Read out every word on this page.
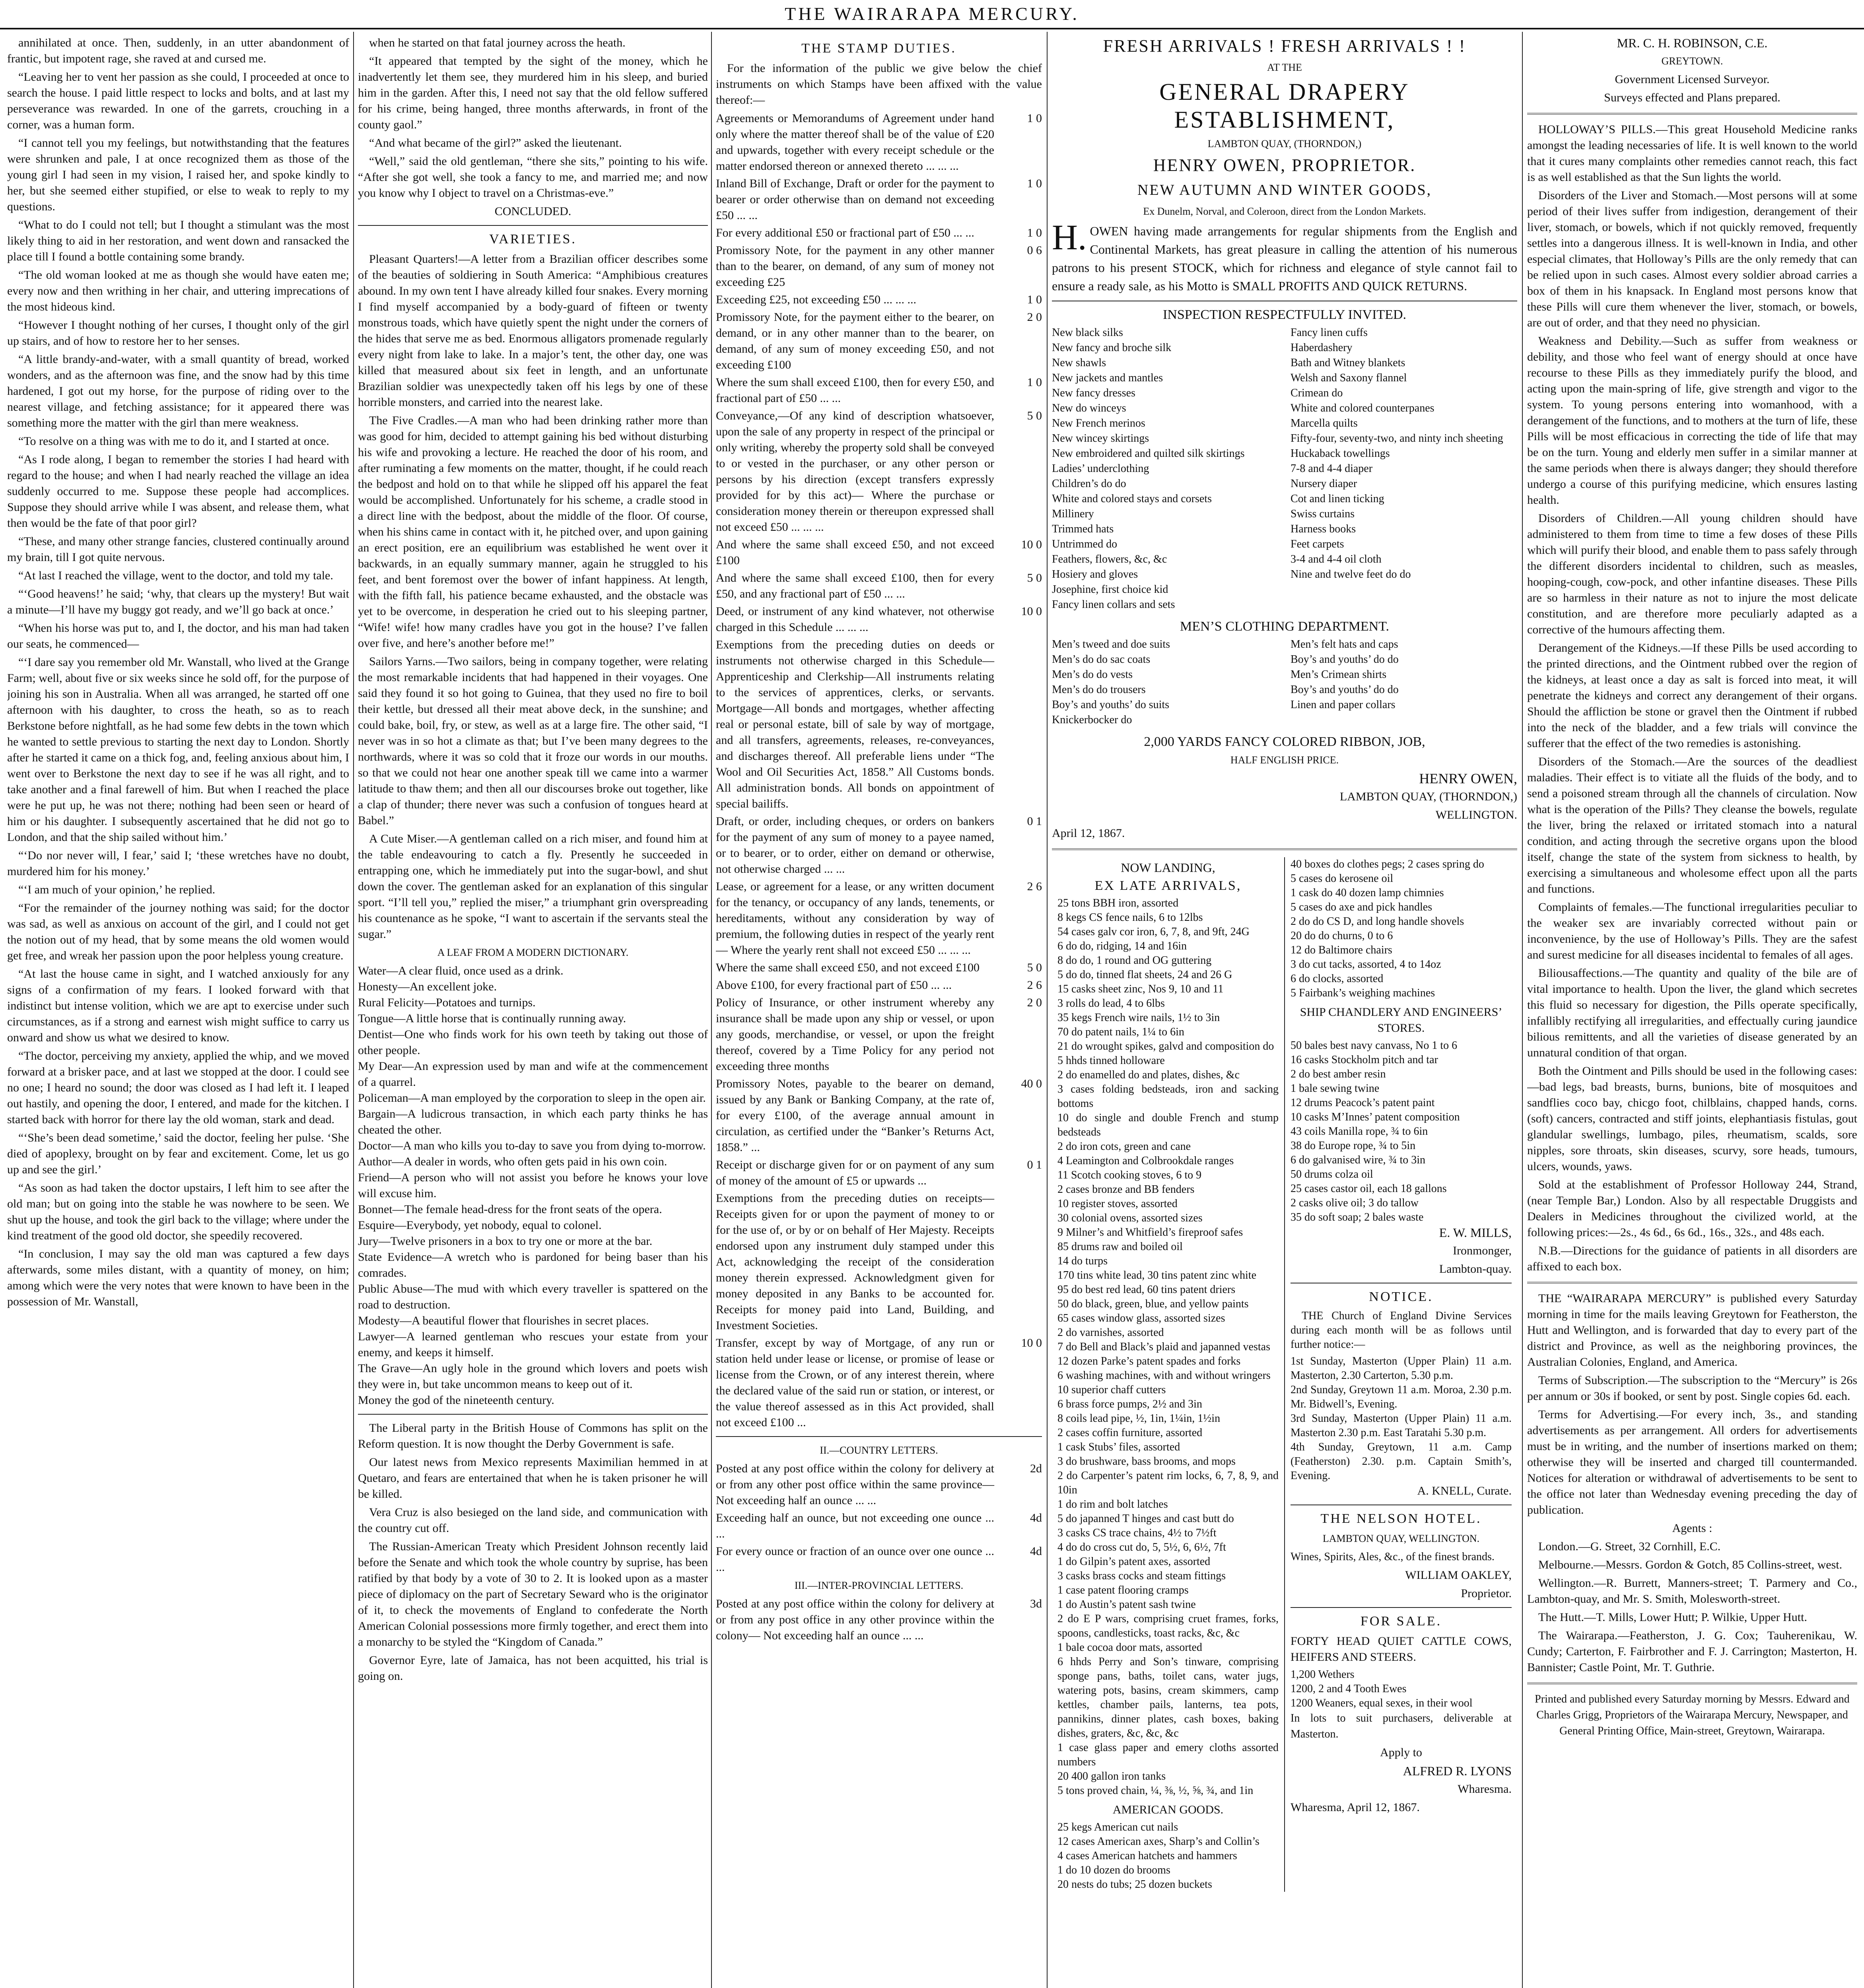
THE WAIRARAPA MERCURY.

annihilated at once. Then, suddenly, in an utter abandonment of frantic, but impotent rage, she raved at and cursed me.

“Leaving her to vent her passion as she could, I proceeded at once to search the house. I paid little respect to locks and bolts, and at last my perseverance was rewarded. In one of the garrets, crouching in a corner, was a human form.

“I cannot tell you my feelings, but notwithstanding that the features were shrunken and pale, I at once recognized them as those of the young girl I had seen in my vision, I raised her, and spoke kindly to her, but she seemed either stupified, or else to weak to reply to my questions.

“What to do I could not tell; but I thought a stimulant was the most likely thing to aid in her restoration, and went down and ransacked the place till I found a bottle containing some brandy.

“The old woman looked at me as though she would have eaten me; every now and then writhing in her chair, and uttering imprecations of the most hideous kind.

“However I thought nothing of her curses, I thought only of the girl up stairs, and of how to restore her to her senses.

“A little brandy-and-water, with a small quantity of bread, worked wonders, and as the afternoon was fine, and the snow had by this time hardened, I got out my horse, for the purpose of riding over to the nearest village, and fetching assistance; for it appeared there was something more the matter with the girl than mere weakness.

“To resolve on a thing was with me to do it, and I started at once.

“As I rode along, I began to remember the stories I had heard with regard to the house; and when I had nearly reached the village an idea suddenly occurred to me. Suppose these people had accomplices. Suppose they should arrive while I was absent, and release them, what then would be the fate of that poor girl?

“These, and many other strange fancies, clustered continually around my brain, till I got quite nervous.

“At last I reached the village, went to the doctor, and told my tale.

“‘Good heavens!’ he said; ‘why, that clears up the mystery! But wait a minute—I’ll have my buggy got ready, and we’ll go back at once.’

“When his horse was put to, and I, the doctor, and his man had taken our seats, he commenced—

“‘I dare say you remember old Mr. Wanstall, who lived at the Grange Farm; well, about five or six weeks since he sold off, for the purpose of joining his son in Australia. When all was arranged, he started off one afternoon with his daughter, to cross the heath, so as to reach Berkstone before nightfall, as he had some few debts in the town which he wanted to settle previous to starting the next day to London. Shortly after he started it came on a thick fog, and, feeling anxious about him, I went over to Berkstone the next day to see if he was all right, and to take another and a final farewell of him. But when I reached the place were he put up, he was not there; nothing had been seen or heard of him or his daughter. I subsequently ascertained that he did not go to London, and that the ship sailed without him.’

“‘Do nor never will, I fear,’ said I; ‘these wretches have no doubt, murdered him for his money.’

“‘I am much of your opinion,’ he replied.

“For the remainder of the journey nothing was said; for the doctor was sad, as well as anxious on account of the girl, and I could not get the notion out of my head, that by some means the old women would get free, and wreak her passion upon the poor helpless young creature.

“At last the house came in sight, and I watched anxiously for any signs of a confirmation of my fears. I looked forward with that indistinct but intense volition, which we are apt to exercise under such circumstances, as if a strong and earnest wish might suffice to carry us onward and show us what we desired to know.

“The doctor, perceiving my anxiety, applied the whip, and we moved forward at a brisker pace, and at last we stopped at the door. I could see no one; I heard no sound; the door was closed as I had left it. I leaped out hastily, and opening the door, I entered, and made for the kitchen. I started back with horror for there lay the old woman, stark and dead.

“‘She’s been dead sometime,’ said the doctor, feeling her pulse. ‘She died of apoplexy, brought on by fear and excitement. Come, let us go up and see the girl.’

“As soon as had taken the doctor upstairs, I left him to see after the old man; but on going into the stable he was nowhere to be seen. We shut up the house, and took the girl back to the village; where under the kind treatment of the good old doctor, she speedily recovered.

“In conclusion, I may say the old man was captured a few days afterwards, some miles distant, with a quantity of money, on him; among which were the very notes that were known to have been in the possession of Mr. Wanstall,

when he started on that fatal journey across the heath.

“It appeared that tempted by the sight of the money, which he inadvertently let them see, they murdered him in his sleep, and buried him in the garden. After this, I need not say that the old fellow suffered for his crime, being hanged, three months afterwards, in front of the county gaol.”

“And what became of the girl?” asked the lieutenant.

“Well,” said the old gentleman, “there she sits,” pointing to his wife. “After she got well, she took a fancy to me, and married me; and now you know why I object to travel on a Christmas-eve.”

CONCLUDED.

VARIETIES.

Pleasant Quarters!—A letter from a Brazilian officer describes some of the beauties of soldiering in South America: “Amphibious creatures abound. In my own tent I have already killed four snakes. Every morning I find myself accompanied by a body-guard of fifteen or twenty monstrous toads, which have quietly spent the night under the corners of the hides that serve me as bed. Enormous alligators promenade regularly every night from lake to lake. In a major’s tent, the other day, one was killed that measured about six feet in length, and an unfortunate Brazilian soldier was unexpectedly taken off his legs by one of these horrible monsters, and carried into the nearest lake.

The Five Cradles.—A man who had been drinking rather more than was good for him, decided to attempt gaining his bed without disturbing his wife and provoking a lecture. He reached the door of his room, and after ruminating a few moments on the matter, thought, if he could reach the bedpost and hold on to that while he slipped off his apparel the feat would be accomplished. Unfortunately for his scheme, a cradle stood in a direct line with the bedpost, about the middle of the floor. Of course, when his shins came in contact with it, he pitched over, and upon gaining an erect position, ere an equilibrium was established he went over it backwards, in an equally summary manner, again he struggled to his feet, and bent foremost over the bower of infant happiness. At length, with the fifth fall, his patience became exhausted, and the obstacle was yet to be overcome, in desperation he cried out to his sleeping partner, “Wife! wife! how many cradles have you got in the house? I’ve fallen over five, and here’s another before me!”

Sailors Yarns.—Two sailors, being in company together, were relating the most remarkable incidents that had happened in their voyages. One said they found it so hot going to Guinea, that they used no fire to boil their kettle, but dressed all their meat above deck, in the sunshine; and could bake, boil, fry, or stew, as well as at a large fire. The other said, “I never was in so hot a climate as that; but I’ve been many degrees to the northwards, where it was so cold that it froze our words in our mouths. so that we could not hear one another speak till we came into a warmer latitude to thaw them; and then all our discourses broke out together, like a clap of thunder; there never was such a confusion of tongues heard at Babel.”

A Cute Miser.—A gentleman called on a rich miser, and found him at the table endeavouring to catch a fly. Presently he succeeded in entrapping one, which he immediately put into the sugar-bowl, and shut down the cover. The gentleman asked for an explanation of this singular sport. “I’ll tell you,” replied the miser,” a triumphant grin overspreading his countenance as he spoke, “I want to ascertain if the servants steal the sugar.”

A LEAF FROM A MODERN DICTIONARY.

Water—A clear fluid, once used as a drink.
Honesty—An excellent joke.
Rural Felicity—Potatoes and turnips.
Tongue—A little horse that is continually running away.
Dentist—One who finds work for his own teeth by taking out those of other people.
My Dear—An expression used by man and wife at the commencement of a quarrel.
Policeman—A man employed by the corporation to sleep in the open air.
Bargain—A ludicrous transaction, in which each party thinks he has cheated the other.
Doctor—A man who kills you to-day to save you from dying to-morrow.
Author—A dealer in words, who often gets paid in his own coin.
Friend—A person who will not assist you before he knows your love will excuse him.
Bonnet—The female head-dress for the front seats of the opera.
Esquire—Everybody, yet nobody, equal to colonel.
Jury—Twelve prisoners in a box to try one or more at the bar.
State Evidence—A wretch who is pardoned for being baser than his comrades.
Public Abuse—The mud with which every traveller is spattered on the road to destruction.
Modesty—A beautiful flower that flourishes in secret places.
Lawyer—A learned gentleman who rescues your estate from your enemy, and keeps it himself.
The Grave—An ugly hole in the ground which lovers and poets wish they were in, but take uncommon means to keep out of it.
Money the god of the nineteenth century.

The Liberal party in the British House of Commons has split on the Reform question. It is now thought the Derby Government is safe.

Our latest news from Mexico represents Maximilian hemmed in at Quetaro, and fears are entertained that when he is taken prisoner he will be killed.

Vera Cruz is also besieged on the land side, and communication with the country cut off.

The Russian-American Treaty which President Johnson recently laid before the Senate and which took the whole country by suprise, has been ratified by that body by a vote of 30 to 2. It is looked upon as a master piece of diplomacy on the part of Secretary Seward who is the originator of it, to check the movements of England to confederate the North American Colonial possessions more firmly together, and erect them into a monarchy to be styled the “Kingdom of Canada.”

Governor Eyre, late of Jamaica, has not been acquitted, his trial is going on.

THE STAMP DUTIES.

For the information of the public we give below the chief instruments on which Stamps have been affixed with the value thereof:—

Agreements or Memorandums of Agreement under hand only where the matter thereof shall be of the value of £20 and upwards, together with every receipt schedule or the matter endorsed thereon or annexed thereto ... ... ...
1 0
Inland Bill of Exchange, Draft or order for the payment to bearer or order otherwise than on demand not exceeding £50 ... ...
1 0
For every additional £50 or fractional part of £50 ... ...	1 0
Promissory Note, for the payment in any other manner than to the bearer, on demand, of any sum of money not exceeding £25
0 6
Exceeding £25, not exceeding £50 ... ... ...	1 0
Promissory Note, for the payment either to the bearer, on demand, or in any other manner than to the bearer, on demand, of any sum of money exceeding £50, and not exceeding £100
2 0
Where the sum shall exceed £100, then for every £50, and fractional part of £50 ... ...
1 0
Conveyance,—Of any kind of description whatsoever, upon the sale of any property in respect of the principal or only writing, whereby the property sold shall be conveyed to or vested in the purchaser, or any other person or persons by his direction (except transfers expressly provided for by this act)— Where the purchase or consideration money therein or thereupon expressed shall not exceed £50 ... ... ...
5 0
And where the same shall exceed £50, and not exceed £100
10 0
And where the same shall exceed £100, then for every £50, and any fractional part of £50 ... ...
5 0
Deed, or instrument of any kind whatever, not otherwise charged in this Schedule ... ... ...
10 0
Exemptions from the preceding duties on deeds or instruments not otherwise charged in this Schedule— Apprenticeship and Clerkship—All instruments relating to the services of apprentices, clerks, or servants. Mortgage—All bonds and mortgages, whether affecting real or personal estate, bill of sale by way of mortgage, and all transfers, agreements, releases, re-conveyances, and discharges thereof. All preferable liens under “The Wool and Oil Securities Act, 1858.” All Customs bonds. All administration bonds. All bonds on appointment of special bailiffs.
Draft, or order, including cheques, or orders on bankers for the payment of any sum of money to a payee named, or to bearer, or to order, either on demand or otherwise, not otherwise charged ... ...
0 1
Lease, or agreement for a lease, or any written document for the tenancy, or occupancy of any lands, tenements, or hereditaments, without any consideration by way of premium, the following duties in respect of the yearly rent— Where the yearly rent shall not exceed £50 ... ... ...
2 6
Where the same shall exceed £50, and not exceed £100	5 0
Above £100, for every fractional part of £50 ... ...	2 6
Policy of Insurance, or other instrument whereby any insurance shall be made upon any ship or vessel, or upon any goods, merchandise, or vessel, or upon the freight thereof, covered by a Time Policy for any period not exceeding three months
2 0
Promissory Notes, payable to the bearer on demand, issued by any Bank or Banking Company, at the rate of, for every £100, of the average annual amount in circulation, as certified under the “Banker’s Returns Act, 1858.” ...
40 0
Receipt or discharge given for or on payment of any sum of money of the amount of £5 or upwards ...
0 1
Exemptions from the preceding duties on receipts— Receipts given for or upon the payment of money to or for the use of, or by or on behalf of Her Majesty. Receipts endorsed upon any instrument duly stamped under this Act, acknowledging the receipt of the consideration money therein expressed. Acknowledgment given for money deposited in any Banks to be accounted for. Receipts for money paid into Land, Building, and Investment Societies.
Transfer, except by way of Mortgage, of any run or station held under lease or license, or promise of lease or license from the Crown, or of any interest therein, where the declared value of the said run or station, or interest, or the value thereof assessed as in this Act provided, shall not exceed £100 ...
10 0

II.—COUNTRY LETTERS.

Posted at any post office within the colony for delivery at or from any other post office within the same province— Not exceeding half an ounce ... ...
2d
Exceeding half an ounce, but not exceeding one ounce ... ...
4d
For every ounce or fraction of an ounce over one ounce ... ...
4d

III.—INTER-PROVINCIAL LETTERS.

Posted at any post office within the colony for delivery at or from any post office in any other province within the colony— Not exceeding half an ounce ... ...
3d

FRESH ARRIVALS ! FRESH ARRIVALS ! !

AT THE

GENERAL DRAPERY ESTABLISHMENT,

LAMBTON QUAY, (THORNDON,)

HENRY OWEN, PROPRIETOR.

NEW AUTUMN AND WINTER GOODS,

Ex Dunelm, Norval, and Coleroon, direct from the London Markets.

H. OWEN having made arrangements for regular shipments from the English and Continental Markets, has great pleasure in calling the attention of his numerous patrons to his present STOCK, which for richness and elegance of style cannot fail to ensure a ready sale, as his Motto is SMALL PROFITS AND QUICK RETURNS.

INSPECTION RESPECTFULLY INVITED.

New black silks
New fancy and broche silk
New shawls
New jackets and mantles
New fancy dresses
New do winceys
New French merinos
New wincey skirtings
New embroidered and quilted silk skirtings
Ladies’ underclothing
Children’s do do
White and colored stays and corsets
Millinery
Trimmed hats
Untrimmed do
Feathers, flowers, &c, &c
Hosiery and gloves
Josephine, first choice kid
Fancy linen collars and sets
Fancy linen cuffs
Haberdashery
Bath and Witney blankets
Welsh and Saxony flannel
Crimean do
White and colored counterpanes
Marcella quilts
Fifty-four, seventy-two, and ninty inch sheeting
Huckaback towellings
7-8 and 4-4 diaper
Nursery diaper
Cot and linen ticking
Swiss curtains
Harness books
Feet carpets
3-4 and 4-4 oil cloth
Nine and twelve feet do do

MEN’S CLOTHING DEPARTMENT.

Men’s tweed and doe suits
Men’s do do sac coats
Men’s do do vests
Men’s do do trousers
Boy’s and youths’ do suits
Knickerbocker do
Men’s felt hats and caps
Boy’s and youths’ do do
Men’s Crimean shirts
Boy’s and youths’ do do
Linen and paper collars

2,000 YARDS FANCY COLORED RIBBON, JOB,

HALF ENGLISH PRICE.

HENRY OWEN,

LAMBTON QUAY, (THORNDON,)

WELLINGTON.

April 12, 1867.

NOW LANDING,

EX LATE ARRIVALS,

25 tons BBH iron, assorted
8 kegs CS fence nails, 6 to 12lbs
54 cases galv cor iron, 6, 7, 8, and 9ft, 24G
6 do do, ridging, 14 and 16in
8 do do, 1 round and OG guttering
5 do do, tinned flat sheets, 24 and 26 G
15 casks sheet zinc, Nos 9, 10 and 11
3 rolls do lead, 4 to 6lbs
35 kegs French wire nails, 1½ to 3in
70 do patent nails, 1¼ to 6in
21 do wrought spikes, galvd and composition do
5 hhds tinned holloware
2 do enamelled do and plates, dishes, &c
3 cases folding bedsteads, iron and sacking bottoms
10 do single and double French and stump bedsteads
2 do iron cots, green and cane
4 Leamington and Colbrookdale ranges
11 Scotch cooking stoves, 6 to 9
2 cases bronze and BB fenders
10 register stoves, assorted
30 colonial ovens, assorted sizes
9 Milner’s and Whitfield’s fireproof safes
85 drums raw and boiled oil
14 do turps
170 tins white lead, 30 tins patent zinc white
95 do best red lead, 60 tins patent driers
50 do black, green, blue, and yellow paints
65 cases window glass, assorted sizes
2 do varnishes, assorted
7 do Bell and Black’s plaid and japanned vestas
12 dozen Parke’s patent spades and forks
6 washing machines, with and without wringers
10 superior chaff cutters
6 brass force pumps, 2½ and 3in
8 coils lead pipe, ½, 1in, 1¼in, 1½in
2 cases coffin furniture, assorted
1 cask Stubs’ files, assorted
3 do brushware, bass brooms, and mops
2 do Carpenter’s patent rim locks, 6, 7, 8, 9, and 10in
1 do rim and bolt latches
5 do japanned T hinges and cast butt do
3 casks CS trace chains, 4½ to 7½ft
4 do do cross cut do, 5, 5½, 6, 6½, 7ft
1 do Gilpin’s patent axes, assorted
3 casks brass cocks and steam fittings
1 case patent flooring cramps
1 do Austin’s patent sash twine
2 do E P wars, comprising cruet frames, forks, spoons, candlesticks, toast racks, &c, &c
1 bale cocoa door mats, assorted
6 hhds Perry and Son’s tinware, comprising sponge pans, baths, toilet cans, water jugs, watering pots, basins, cream skimmers, camp kettles, chamber pails, lanterns, tea pots, pannikins, dinner plates, cash boxes, baking dishes, graters, &c, &c, &c
1 case glass paper and emery cloths assorted numbers
20 400 gallon iron tanks
5 tons proved chain, ¼, ⅜, ½, ⅝, ¾, and 1in

AMERICAN GOODS.

25 kegs American cut nails
12 cases American axes, Sharp’s and Collin’s
4 cases American hatchets and hammers
1 do 10 dozen do brooms
20 nests do tubs; 25 dozen buckets
40 boxes do clothes pegs; 2 cases spring do
5 cases do kerosene oil
1 cask do 40 dozen lamp chimnies
5 cases do axe and pick handles
2 do do CS D, and long handle shovels
20 do do churns, 0 to 6
12 do Baltimore chairs
3 do cut tacks, assorted, 4 to 14oz
6 do clocks, assorted
5 Fairbank’s weighing machines

SHIP CHANDLERY AND ENGINEERS’ STORES.

50 bales best navy canvass, No 1 to 6
16 casks Stockholm pitch and tar
2 do best amber resin
1 bale sewing twine
12 drums Peacock’s patent paint
10 casks M’Innes’ patent composition
43 coils Manilla rope, ¾ to 6in
38 do Europe rope, ¾ to 5in
6 do galvanised wire, ¾ to 3in
50 drums colza oil
25 cases castor oil, each 18 gallons
2 casks olive oil; 3 do tallow
35 do soft soap; 2 bales waste

E. W. MILLS,

Ironmonger,

Lambton-quay.

NOTICE.

THE Church of England Divine Services during each month will be as follows until further notice:—

1st Sunday, Masterton (Upper Plain) 11 a.m. Masterton, 2.30 Carterton, 5.30 p.m.
2nd Sunday, Greytown 11 a.m. Moroa, 2.30 p.m. Mr. Bidwell’s, Evening.
3rd Sunday, Masterton (Upper Plain) 11 a.m. Masterton 2.30 p.m. East Taratahi 5.30 p.m.
4th Sunday, Greytown, 11 a.m. Camp (Featherston) 2.30. p.m. Captain Smith’s, Evening.

A. KNELL, Curate.

THE NELSON HOTEL.

LAMBTON QUAY, WELLINGTON.

Wines, Spirits, Ales, &c., of the finest brands.

WILLIAM OAKLEY,

Proprietor.

FOR SALE.

FORTY HEAD QUIET CATTLE COWS, HEIFERS AND STEERS.

1,200 Wethers
1200, 2 and 4 Tooth Ewes
1200 Weaners, equal sexes, in their wool

In lots to suit purchasers, deliverable at Masterton.

Apply to

ALFRED R. LYONS

Wharesma.

Wharesma, April 12, 1867.

MR. C. H. ROBINSON, C.E.

GREYTOWN.

Government Licensed Surveyor.

Surveys effected and Plans prepared.

HOLLOWAY’S PILLS.—This great Household Medicine ranks amongst the leading necessaries of life. It is well known to the world that it cures many complaints other remedies cannot reach, this fact is as well established as that the Sun lights the world.

Disorders of the Liver and Stomach.—Most persons will at some period of their lives suffer from indigestion, derangement of their liver, stomach, or bowels, which if not quickly removed, frequently settles into a dangerous illness. It is well-known in India, and other especial climates, that Holloway’s Pills are the only remedy that can be relied upon in such cases. Almost every soldier abroad carries a box of them in his knapsack. In England most persons know that these Pills will cure them whenever the liver, stomach, or bowels, are out of order, and that they need no physician.

Weakness and Debility.—Such as suffer from weakness or debility, and those who feel want of energy should at once have recourse to these Pills as they immediately purify the blood, and acting upon the main-spring of life, give strength and vigor to the system. To young persons entering into womanhood, with a derangement of the functions, and to mothers at the turn of life, these Pills will be most efficacious in correcting the tide of life that may be on the turn. Young and elderly men suffer in a similar manner at the same periods when there is always danger; they should therefore undergo a course of this purifying medicine, which ensures lasting health.

Disorders of Children.—All young children should have administered to them from time to time a few doses of these Pills which will purify their blood, and enable them to pass safely through the different disorders incidental to children, such as measles, hooping-cough, cow-pock, and other infantine diseases. These Pills are so harmless in their nature as not to injure the most delicate constitution, and are therefore more peculiarly adapted as a corrective of the humours affecting them.

Derangement of the Kidneys.—If these Pills be used according to the printed directions, and the Ointment rubbed over the region of the kidneys, at least once a day as salt is forced into meat, it will penetrate the kidneys and correct any derangement of their organs. Should the affliction be stone or gravel then the Ointment if rubbed into the neck of the bladder, and a few trials will convince the sufferer that the effect of the two remedies is astonishing.

Disorders of the Stomach.—Are the sources of the deadliest maladies. Their effect is to vitiate all the fluids of the body, and to send a poisoned stream through all the channels of circulation. Now what is the operation of the Pills? They cleanse the bowels, regulate the liver, bring the relaxed or irritated stomach into a natural condition, and acting through the secretive organs upon the blood itself, change the state of the system from sickness to health, by exercising a simultaneous and wholesome effect upon all the parts and functions.

Complaints of females.—The functional irregularities peculiar to the weaker sex are invariably corrected without pain or inconvenience, by the use of Holloway’s Pills. They are the safest and surest medicine for all diseases incidental to females of all ages.

Biliousaffections.—The quantity and quality of the bile are of vital importance to health. Upon the liver, the gland which secretes this fluid so necessary for digestion, the Pills operate specifically, infallibly rectifying all irregularities, and effectually curing jaundice bilious remittents, and all the varieties of disease generated by an unnatural condition of that organ.

Both the Ointment and Pills should be used in the following cases:—bad legs, bad breasts, burns, bunions, bite of mosquitoes and sandflies coco bay, chicgo foot, chilblains, chapped hands, corns. (soft) cancers, contracted and stiff joints, elephantiasis fistulas, gout glandular swellings, lumbago, piles, rheumatism, scalds, sore nipples, sore throats, skin diseases, scurvy, sore heads, tumours, ulcers, wounds, yaws.

Sold at the establishment of Professor Holloway 244, Strand, (near Temple Bar,) London. Also by all respectable Druggists and Dealers in Medicines throughout the civilized world, at the following prices:—2s., 4s 6d., 6s 6d., 16s., 32s., and 48s each.

N.B.—Directions for the guidance of patients in all disorders are affixed to each box.

THE “WAIRARAPA MERCURY” is published every Saturday morning in time for the mails leaving Greytown for Featherston, the Hutt and Wellington, and is forwarded that day to every part of the district and Province, as well as the neighboring provinces, the Australian Colonies, England, and America.

Terms of Subscription.—The subscription to the “Mercury” is 26s per annum or 30s if booked, or sent by post. Single copies 6d. each.

Terms for Advertising.—For every inch, 3s., and standing advertisements as per arrangement. All orders for advertisements must be in writing, and the number of insertions marked on them; otherwise they will be inserted and charged till countermanded. Notices for alteration or withdrawal of advertisements to be sent to the office not later than Wednesday evening preceding the day of publication.

Agents :

London.—G. Street, 32 Cornhill, E.C.

Melbourne.—Messrs. Gordon & Gotch, 85 Collins-street, west.

Wellington.—R. Burrett, Manners-street; T. Parmery and Co., Lambton-quay, and Mr. S. Smith, Molesworth-street.

The Hutt.—T. Mills, Lower Hutt; P. Wilkie, Upper Hutt.

The Wairarapa.—Featherston, J. G. Cox; Tauherenikau, W. Cundy; Carterton, F. Fairbrother and F. J. Carrington; Masterton, H. Bannister; Castle Point, Mr. T. Guthrie.

Printed and published every Saturday morning by Messrs. Edward and Charles Grigg, Proprietors of the Wairarapa Mercury, Newspaper, and General Printing Office, Main-street, Greytown, Wairarapa.
